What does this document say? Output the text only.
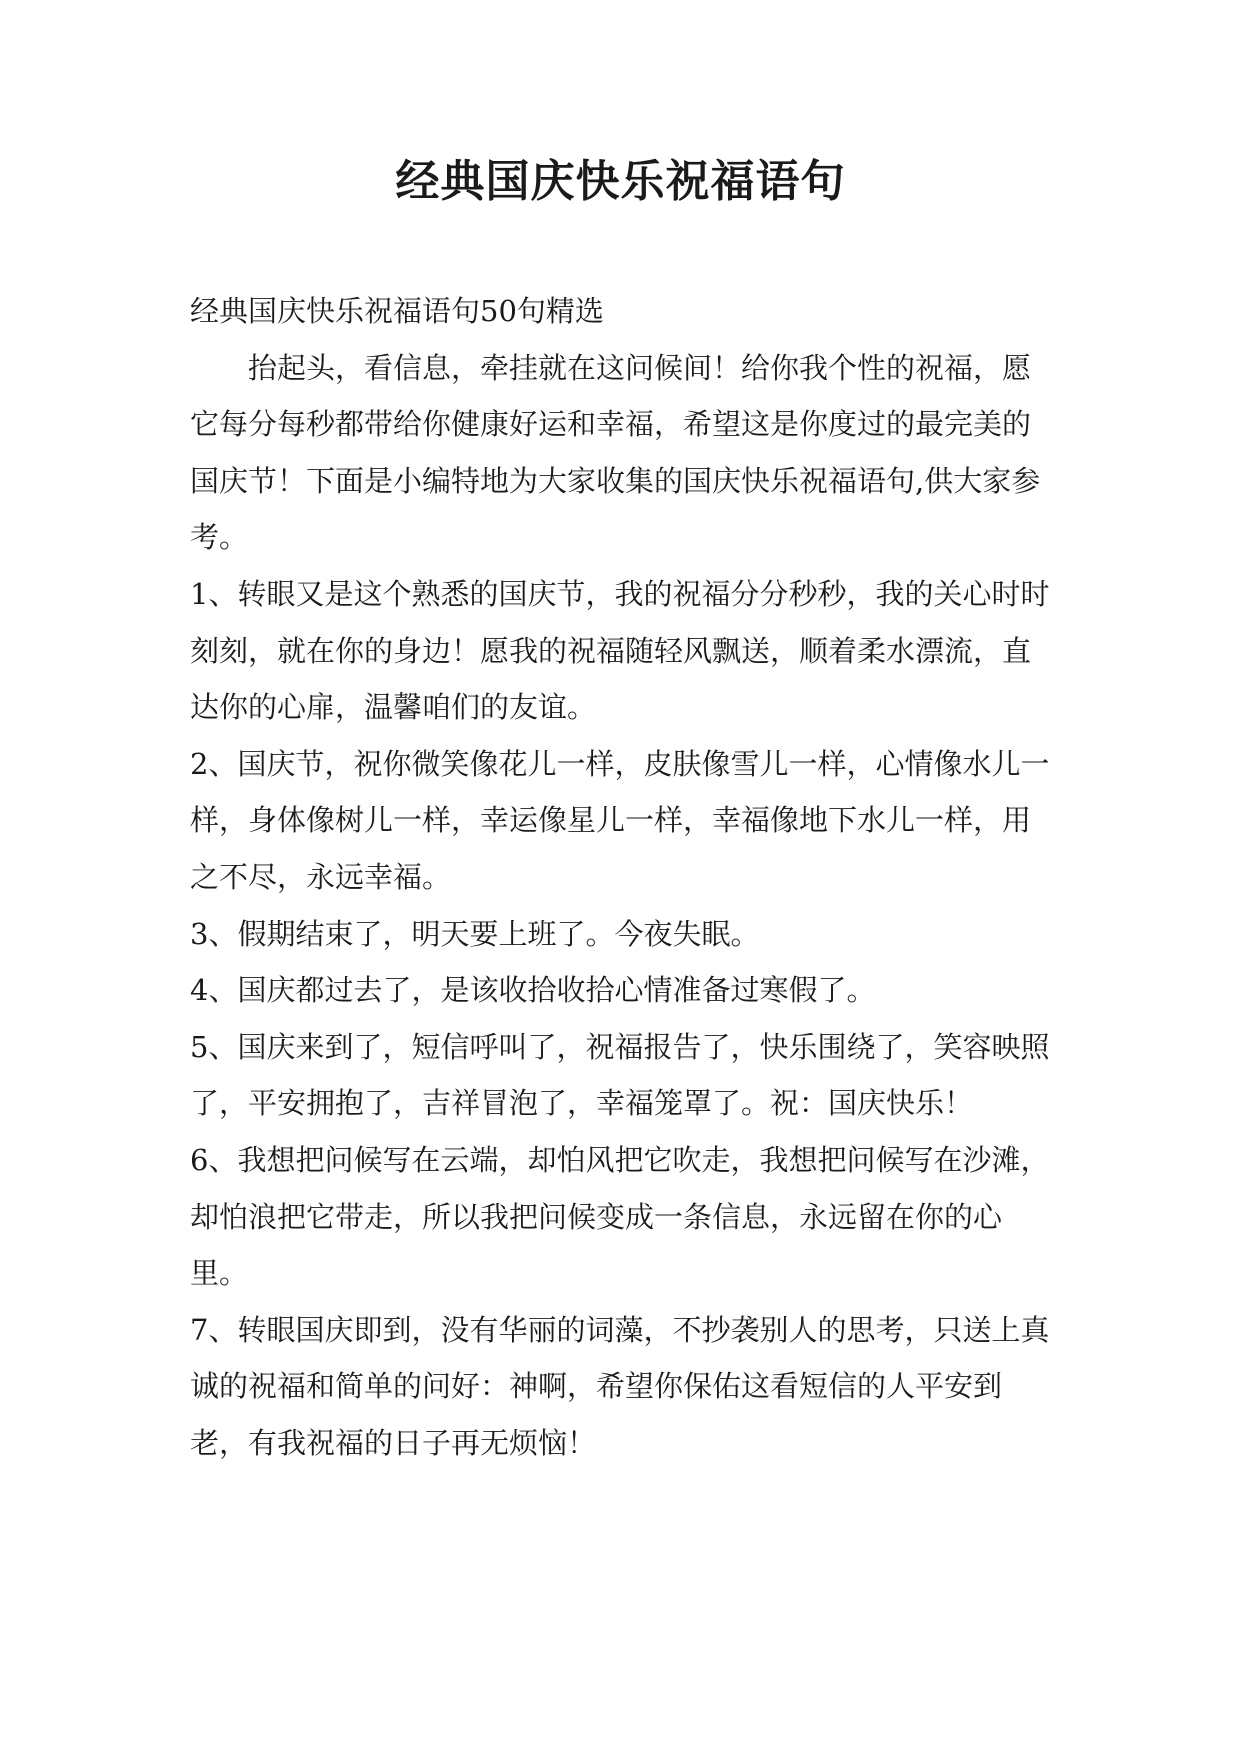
经典国庆快乐祝福语句

经典国庆快乐祝福语句50句精选

抬起头，看信息，牵挂就在这问候间！给你我个性的祝福，愿它每分每秒都带给你健康好运和幸福，希望这是你度过的最完美的国庆节！下面是小编特地为大家收集的国庆快乐祝福语句,供大家参考。

1、转眼又是这个熟悉的国庆节，我的祝福分分秒秒，我的关心时时刻刻，就在你的身边！愿我的祝福随轻风飘送，顺着柔水漂流，直达你的心扉，温馨咱们的友谊。

2、国庆节，祝你微笑像花儿一样，皮肤像雪儿一样，心情像水儿一样，身体像树儿一样，幸运像星儿一样，幸福像地下水儿一样，用之不尽，永远幸福。

3、假期结束了，明天要上班了。今夜失眠。

4、国庆都过去了，是该收拾收拾心情准备过寒假了。

5、国庆来到了，短信呼叫了，祝福报告了，快乐围绕了，笑容映照了，平安拥抱了，吉祥冒泡了，幸福笼罩了。祝：国庆快乐！

6、我想把问候写在云端，却怕风把它吹走，我想把问候写在沙滩，却怕浪把它带走，所以我把问候变成一条信息，永远留在你的心里。

7、转眼国庆即到，没有华丽的词藻，不抄袭别人的思考，只送上真诚的祝福和简单的问好：神啊，希望你保佑这看短信的人平安到老，有我祝福的日子再无烦恼！
